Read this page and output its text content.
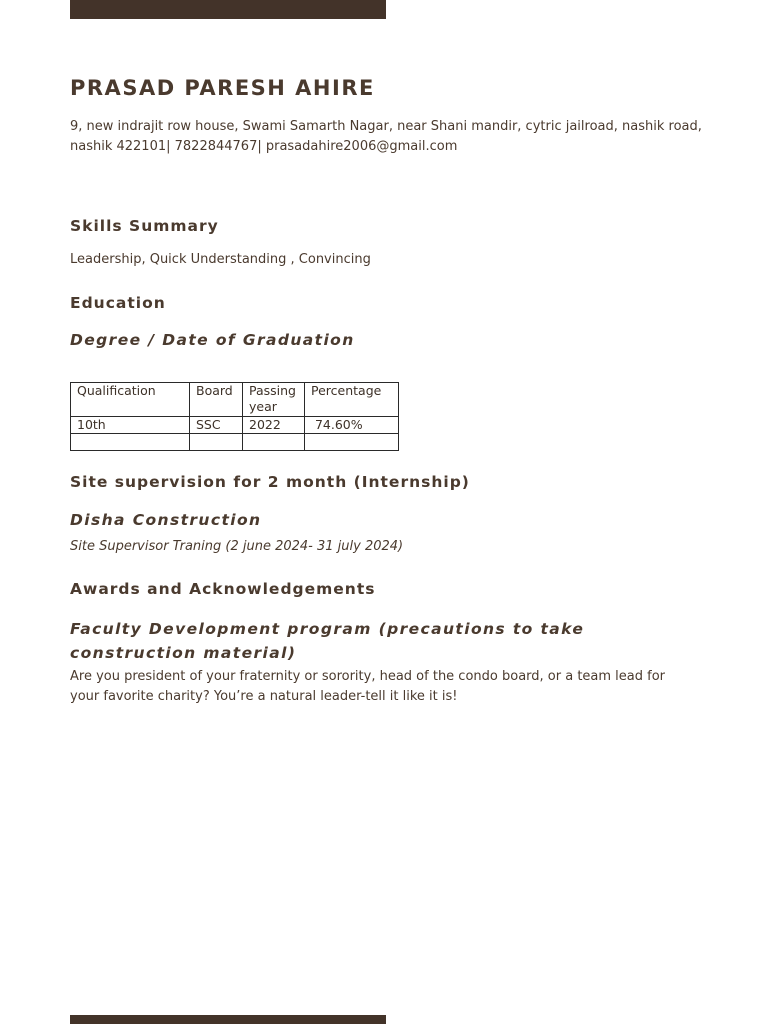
PRASAD PARESH AHIRE

9, new indrajit row house, Swami Samarth Nagar, near Shani mandir, cytric jailroad, nashik road, nashik 422101| 7822844767| prasadahire2006@gmail.com

Skills Summary

Leadership, Quick Understanding , Convincing

Education
Degree / Date of Graduation
Qualification	Board	Passing year	Percentage
10th	SSC	2022	74.60%

Site supervision for 2 month (Internship)
Disha Construction

Site Supervisor Traning (2 june 2024- 31 july 2024)

Awards and Acknowledgements
Faculty Development program (precautions to take construction material)

Are you president of your fraternity or sorority, head of the condo board, or a team lead for your favorite charity? You’re a natural leader-tell it like it is!
